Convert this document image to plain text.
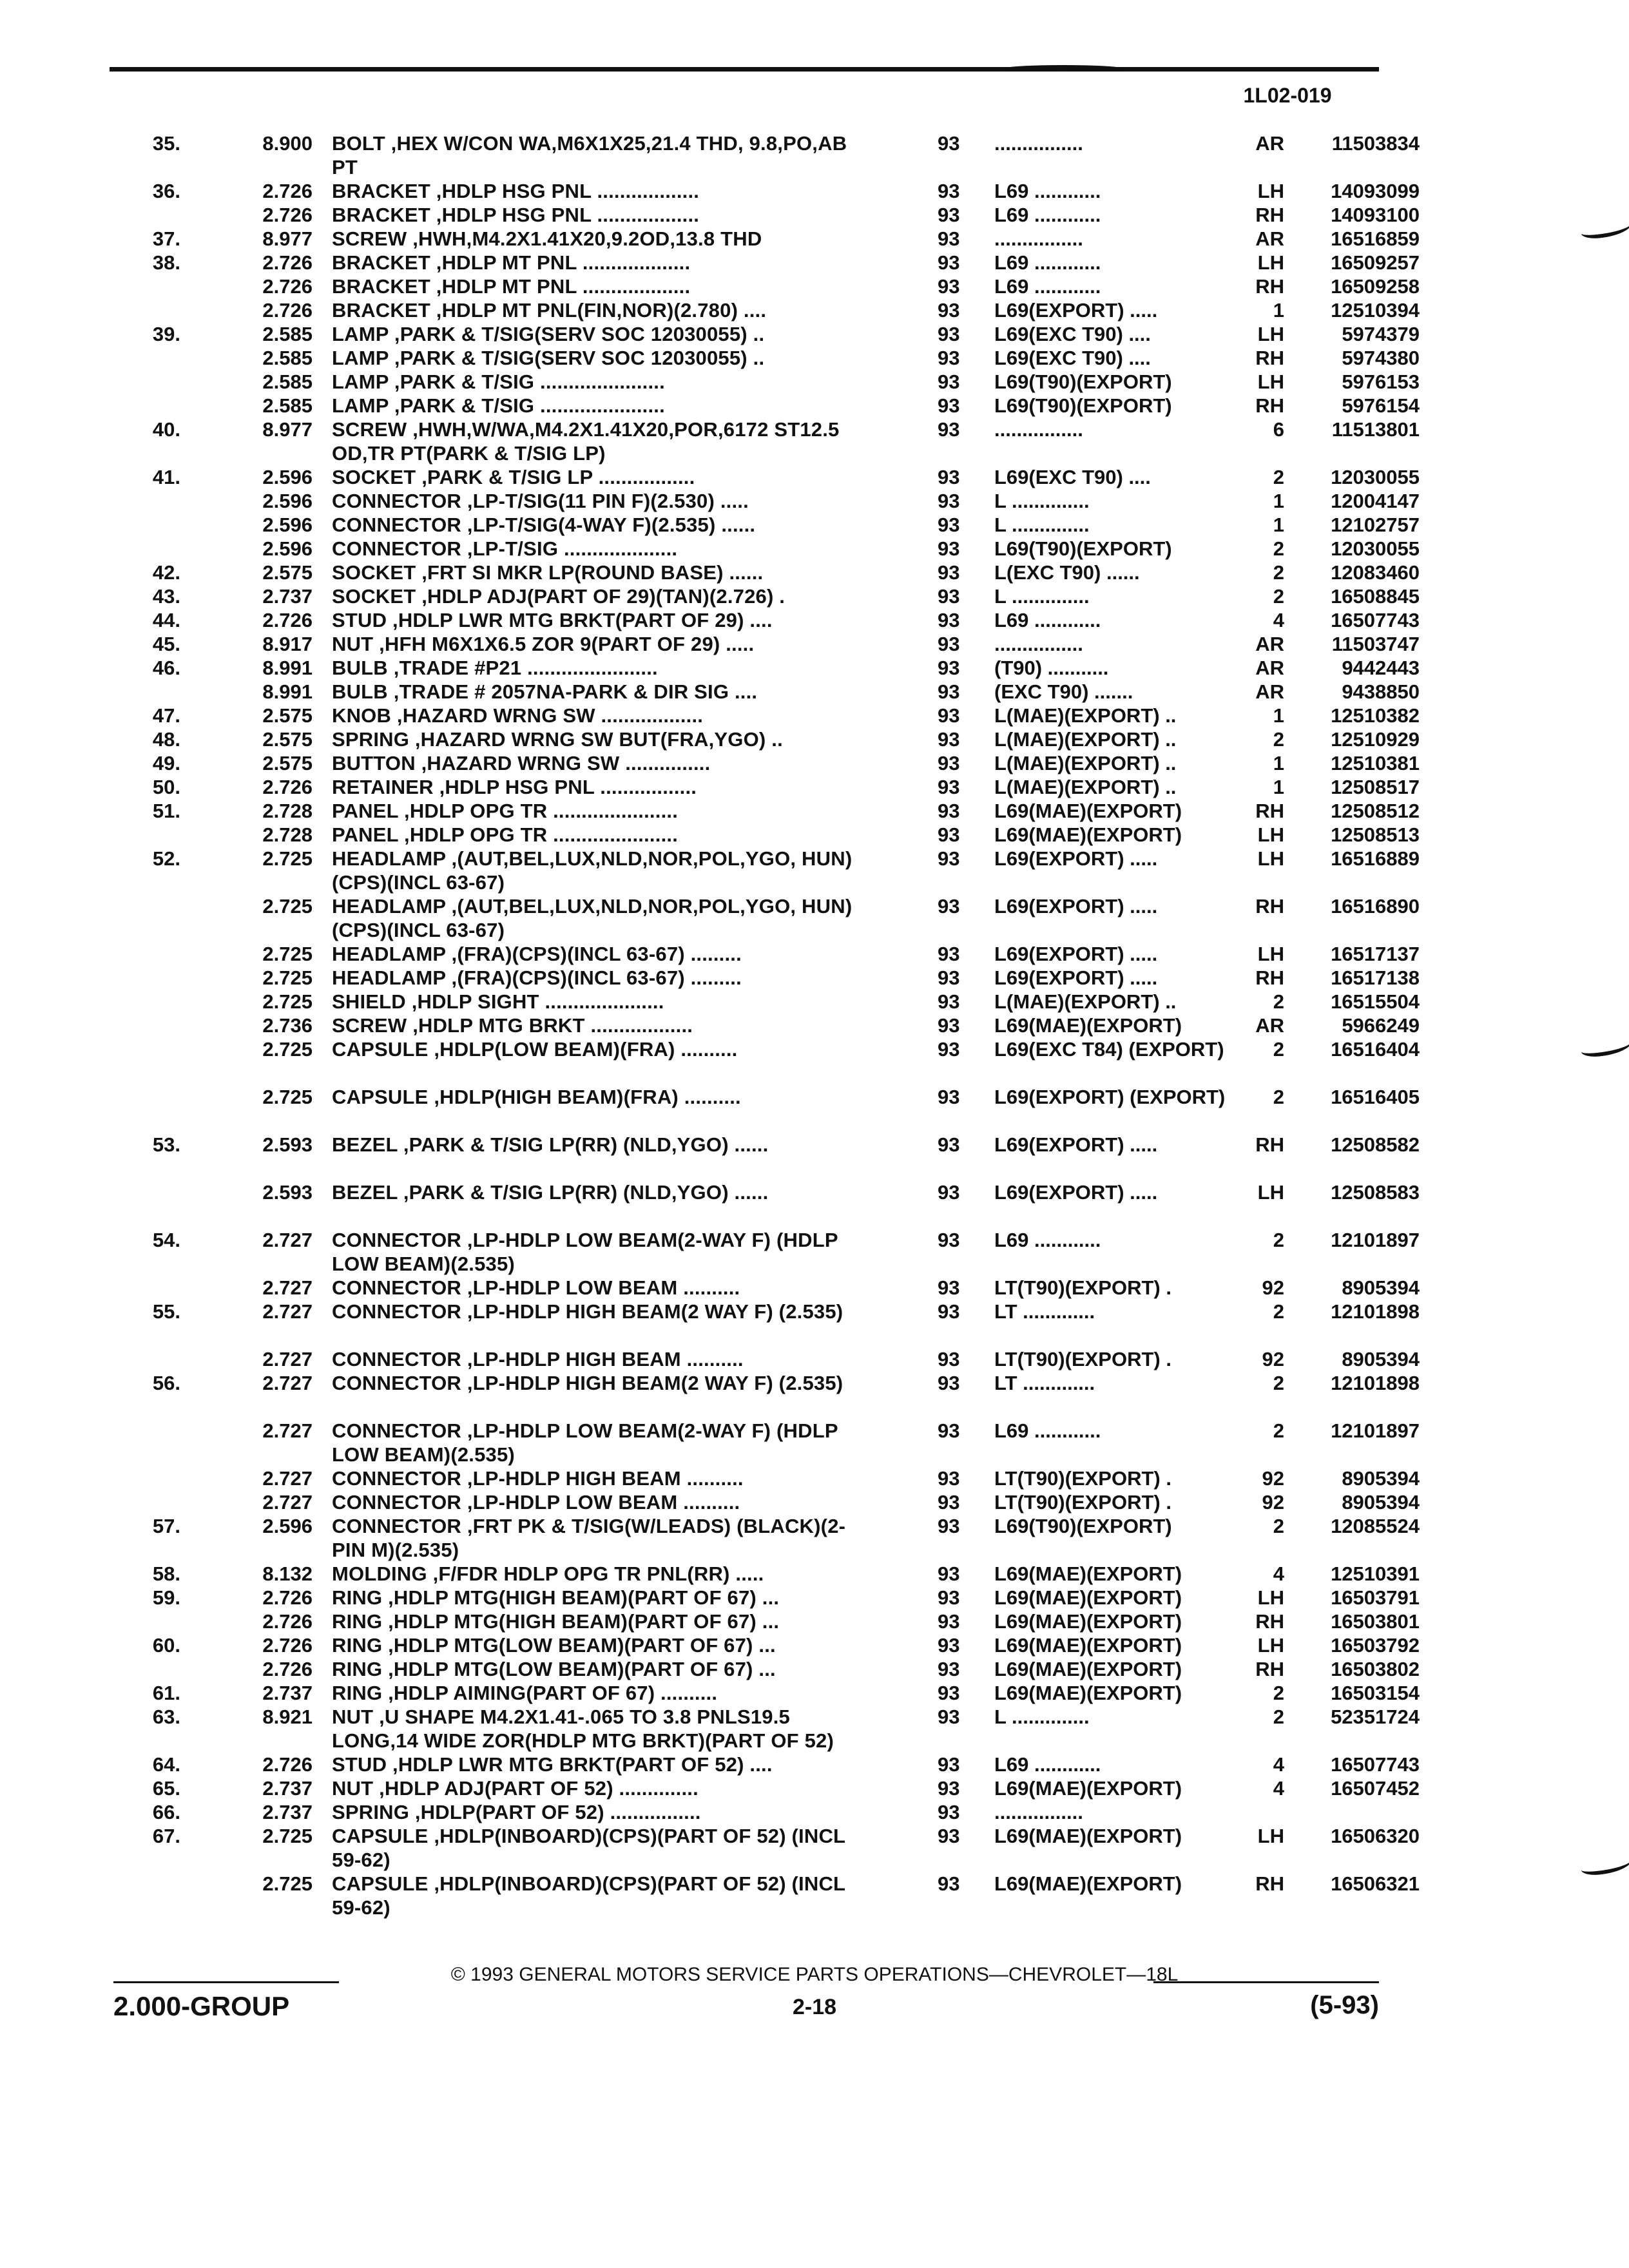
1L02-019
35.	8.900 BOLT ,HEX W/CON WA,M6X1X25,21.4 THD, 9.8,PO,AB PT
93	................	AR	11503834
36.	2.726 BRACKET ,HDLP HSG PNL ..................	93	L69 ............	LH	14093099
2.726 BRACKET ,HDLP HSG PNL ..................	93	L69 ............	RH	14093100
37.	8.977 SCREW ,HWH,M4.2X1.41X20,9.2OD,13.8 THD	93	................	AR	16516859
38.	2.726 BRACKET ,HDLP MT PNL ...................	93	L69 ............	LH	16509257
2.726 BRACKET ,HDLP MT PNL ...................	93	L69 ............	RH	16509258
2.726 BRACKET ,HDLP MT PNL(FIN,NOR)(2.780) ....	93	L69(EXPORT) .....	1	12510394
39.	2.585 LAMP ,PARK & T/SIG(SERV SOC 12030055) ..	93	L69(EXC T90) ....	LH	5974379
2.585 LAMP ,PARK & T/SIG(SERV SOC 12030055) ..	93	L69(EXC T90) ....	RH	5974380
2.585 LAMP ,PARK & T/SIG ......................	93	L69(T90)(EXPORT)	LH	5976153
2.585 LAMP ,PARK & T/SIG ......................	93	L69(T90)(EXPORT)	RH	5976154
40.	8.977 SCREW ,HWH,W/WA,M4.2X1.41X20,POR,6172 ST12.5 OD,TR PT(PARK & T/SIG LP)
93	................	6	11513801
41.	2.596 SOCKET ,PARK & T/SIG LP .................	93	L69(EXC T90) ....	2	12030055
2.596 CONNECTOR ,LP-T/SIG(11 PIN F)(2.530) .....	93	L ..............	1	12004147
2.596 CONNECTOR ,LP-T/SIG(4-WAY F)(2.535) ......	93	L ..............	1	12102757
2.596 CONNECTOR ,LP-T/SIG ....................	93	L69(T90)(EXPORT)	2	12030055
42.	2.575 SOCKET ,FRT SI MKR LP(ROUND BASE) ......	93	L(EXC T90) ......	2	12083460
43.	2.737 SOCKET ,HDLP ADJ(PART OF 29)(TAN)(2.726) .	93	L ..............	2	16508845
44.	2.726 STUD ,HDLP LWR MTG BRKT(PART OF 29) ....	93	L69 ............	4	16507743
45.	8.917 NUT ,HFH M6X1X6.5 ZOR 9(PART OF 29) .....	93	................	AR	11503747
46.	8.991 BULB ,TRADE #P21 .......................	93	(T90) ...........	AR	9442443
8.991 BULB ,TRADE # 2057NA-PARK & DIR SIG ....	93	(EXC T90) .......	AR	9438850
47.	2.575 KNOB ,HAZARD WRNG SW ..................	93	L(MAE)(EXPORT) ..	1	12510382
48.	2.575 SPRING ,HAZARD WRNG SW BUT(FRA,YGO) ..	93	L(MAE)(EXPORT) ..	2	12510929
49.	2.575 BUTTON ,HAZARD WRNG SW ...............	93	L(MAE)(EXPORT) ..	1	12510381
50.	2.726 RETAINER ,HDLP HSG PNL .................	93	L(MAE)(EXPORT) ..	1	12508517
51.	2.728 PANEL ,HDLP OPG TR ......................	93	L69(MAE)(EXPORT)	RH	12508512
2.728 PANEL ,HDLP OPG TR ......................	93	L69(MAE)(EXPORT)	LH	12508513
52.	2.725 HEADLAMP ,(AUT,BEL,LUX,NLD,NOR,POL,YGO, HUN)(CPS)(INCL 63-67)
93	L69(EXPORT) .....	LH	16516889
2.725 HEADLAMP ,(AUT,BEL,LUX,NLD,NOR,POL,YGO, HUN)(CPS)(INCL 63-67)
93	L69(EXPORT) .....	RH	16516890
2.725 HEADLAMP ,(FRA)(CPS)(INCL 63-67) .........	93	L69(EXPORT) .....	LH	16517137
2.725 HEADLAMP ,(FRA)(CPS)(INCL 63-67) .........	93	L69(EXPORT) .....	RH	16517138
2.725 SHIELD ,HDLP SIGHT .....................	93	L(MAE)(EXPORT) ..	2	16515504
2.736 SCREW ,HDLP MTG BRKT ..................	93	L69(MAE)(EXPORT)	AR	5966249
2.725 CAPSULE ,HDLP(LOW BEAM)(FRA) ..........	93	L69(EXC T84) (EXPORT)	2	16516404
2.725 CAPSULE ,HDLP(HIGH BEAM)(FRA) ..........	93	L69(EXPORT) (EXPORT)	2	16516405
53.	2.593 BEZEL ,PARK & T/SIG LP(RR) (NLD,YGO) ......	93	L69(EXPORT) .....	RH	12508582
2.593 BEZEL ,PARK & T/SIG LP(RR) (NLD,YGO) ......	93	L69(EXPORT) .....	LH	12508583
54.	2.727 CONNECTOR ,LP-HDLP LOW BEAM(2-WAY F) (HDLP LOW BEAM)(2.535)
93	L69 ............	2	12101897
2.727 CONNECTOR ,LP-HDLP LOW BEAM ..........	93	LT(T90)(EXPORT) .	92	8905394
55.	2.727 CONNECTOR ,LP-HDLP HIGH BEAM(2 WAY F) (2.535)	93	LT .............	2	12101898
2.727 CONNECTOR ,LP-HDLP HIGH BEAM ..........	93	LT(T90)(EXPORT) .	92	8905394
56.	2.727 CONNECTOR ,LP-HDLP HIGH BEAM(2 WAY F) (2.535)	93	LT .............	2	12101898
2.727 CONNECTOR ,LP-HDLP LOW BEAM(2-WAY F) (HDLP LOW BEAM)(2.535)
93	L69 ............	2	12101897
2.727 CONNECTOR ,LP-HDLP HIGH BEAM ..........	93	LT(T90)(EXPORT) .	92	8905394
2.727 CONNECTOR ,LP-HDLP LOW BEAM ..........	93	LT(T90)(EXPORT) .	92	8905394
57.	2.596 CONNECTOR ,FRT PK & T/SIG(W/LEADS) (BLACK)(2-PIN M)(2.535)
93	L69(T90)(EXPORT)	2	12085524
58.	8.132 MOLDING ,F/FDR HDLP OPG TR PNL(RR) .....	93	L69(MAE)(EXPORT)	4	12510391
59.	2.726 RING ,HDLP MTG(HIGH BEAM)(PART OF 67) ...	93	L69(MAE)(EXPORT)	LH	16503791
2.726 RING ,HDLP MTG(HIGH BEAM)(PART OF 67) ...	93	L69(MAE)(EXPORT)	RH	16503801
60.	2.726 RING ,HDLP MTG(LOW BEAM)(PART OF 67) ...	93	L69(MAE)(EXPORT)	LH	16503792
2.726 RING ,HDLP MTG(LOW BEAM)(PART OF 67) ...	93	L69(MAE)(EXPORT)	RH	16503802
61.	2.737 RING ,HDLP AIMING(PART OF 67) ..........	93	L69(MAE)(EXPORT)	2	16503154
63.	8.921 NUT ,U SHAPE M4.2X1.41-.065 TO 3.8 PNLS19.5 LONG,14 WIDE ZOR(HDLP MTG BRKT)(PART OF 52)
93	L ..............	2	52351724
64.	2.726 STUD ,HDLP LWR MTG BRKT(PART OF 52) ....	93	L69 ............	4	16507743
65.	2.737 NUT ,HDLP ADJ(PART OF 52) ..............	93	L69(MAE)(EXPORT)	4	16507452
66.	2.737 SPRING ,HDLP(PART OF 52) ................	93	................
67.	2.725 CAPSULE ,HDLP(INBOARD)(CPS)(PART OF 52) (INCL 59-62)
93	L69(MAE)(EXPORT)	LH	16506320
2.725 CAPSULE ,HDLP(INBOARD)(CPS)(PART OF 52) (INCL 59-62)
93	L69(MAE)(EXPORT)	RH	16506321
© 1993 GENERAL MOTORS SERVICE PARTS OPERATIONS—CHEVROLET—18L
2.000-GROUP	2-18	(5-93)
